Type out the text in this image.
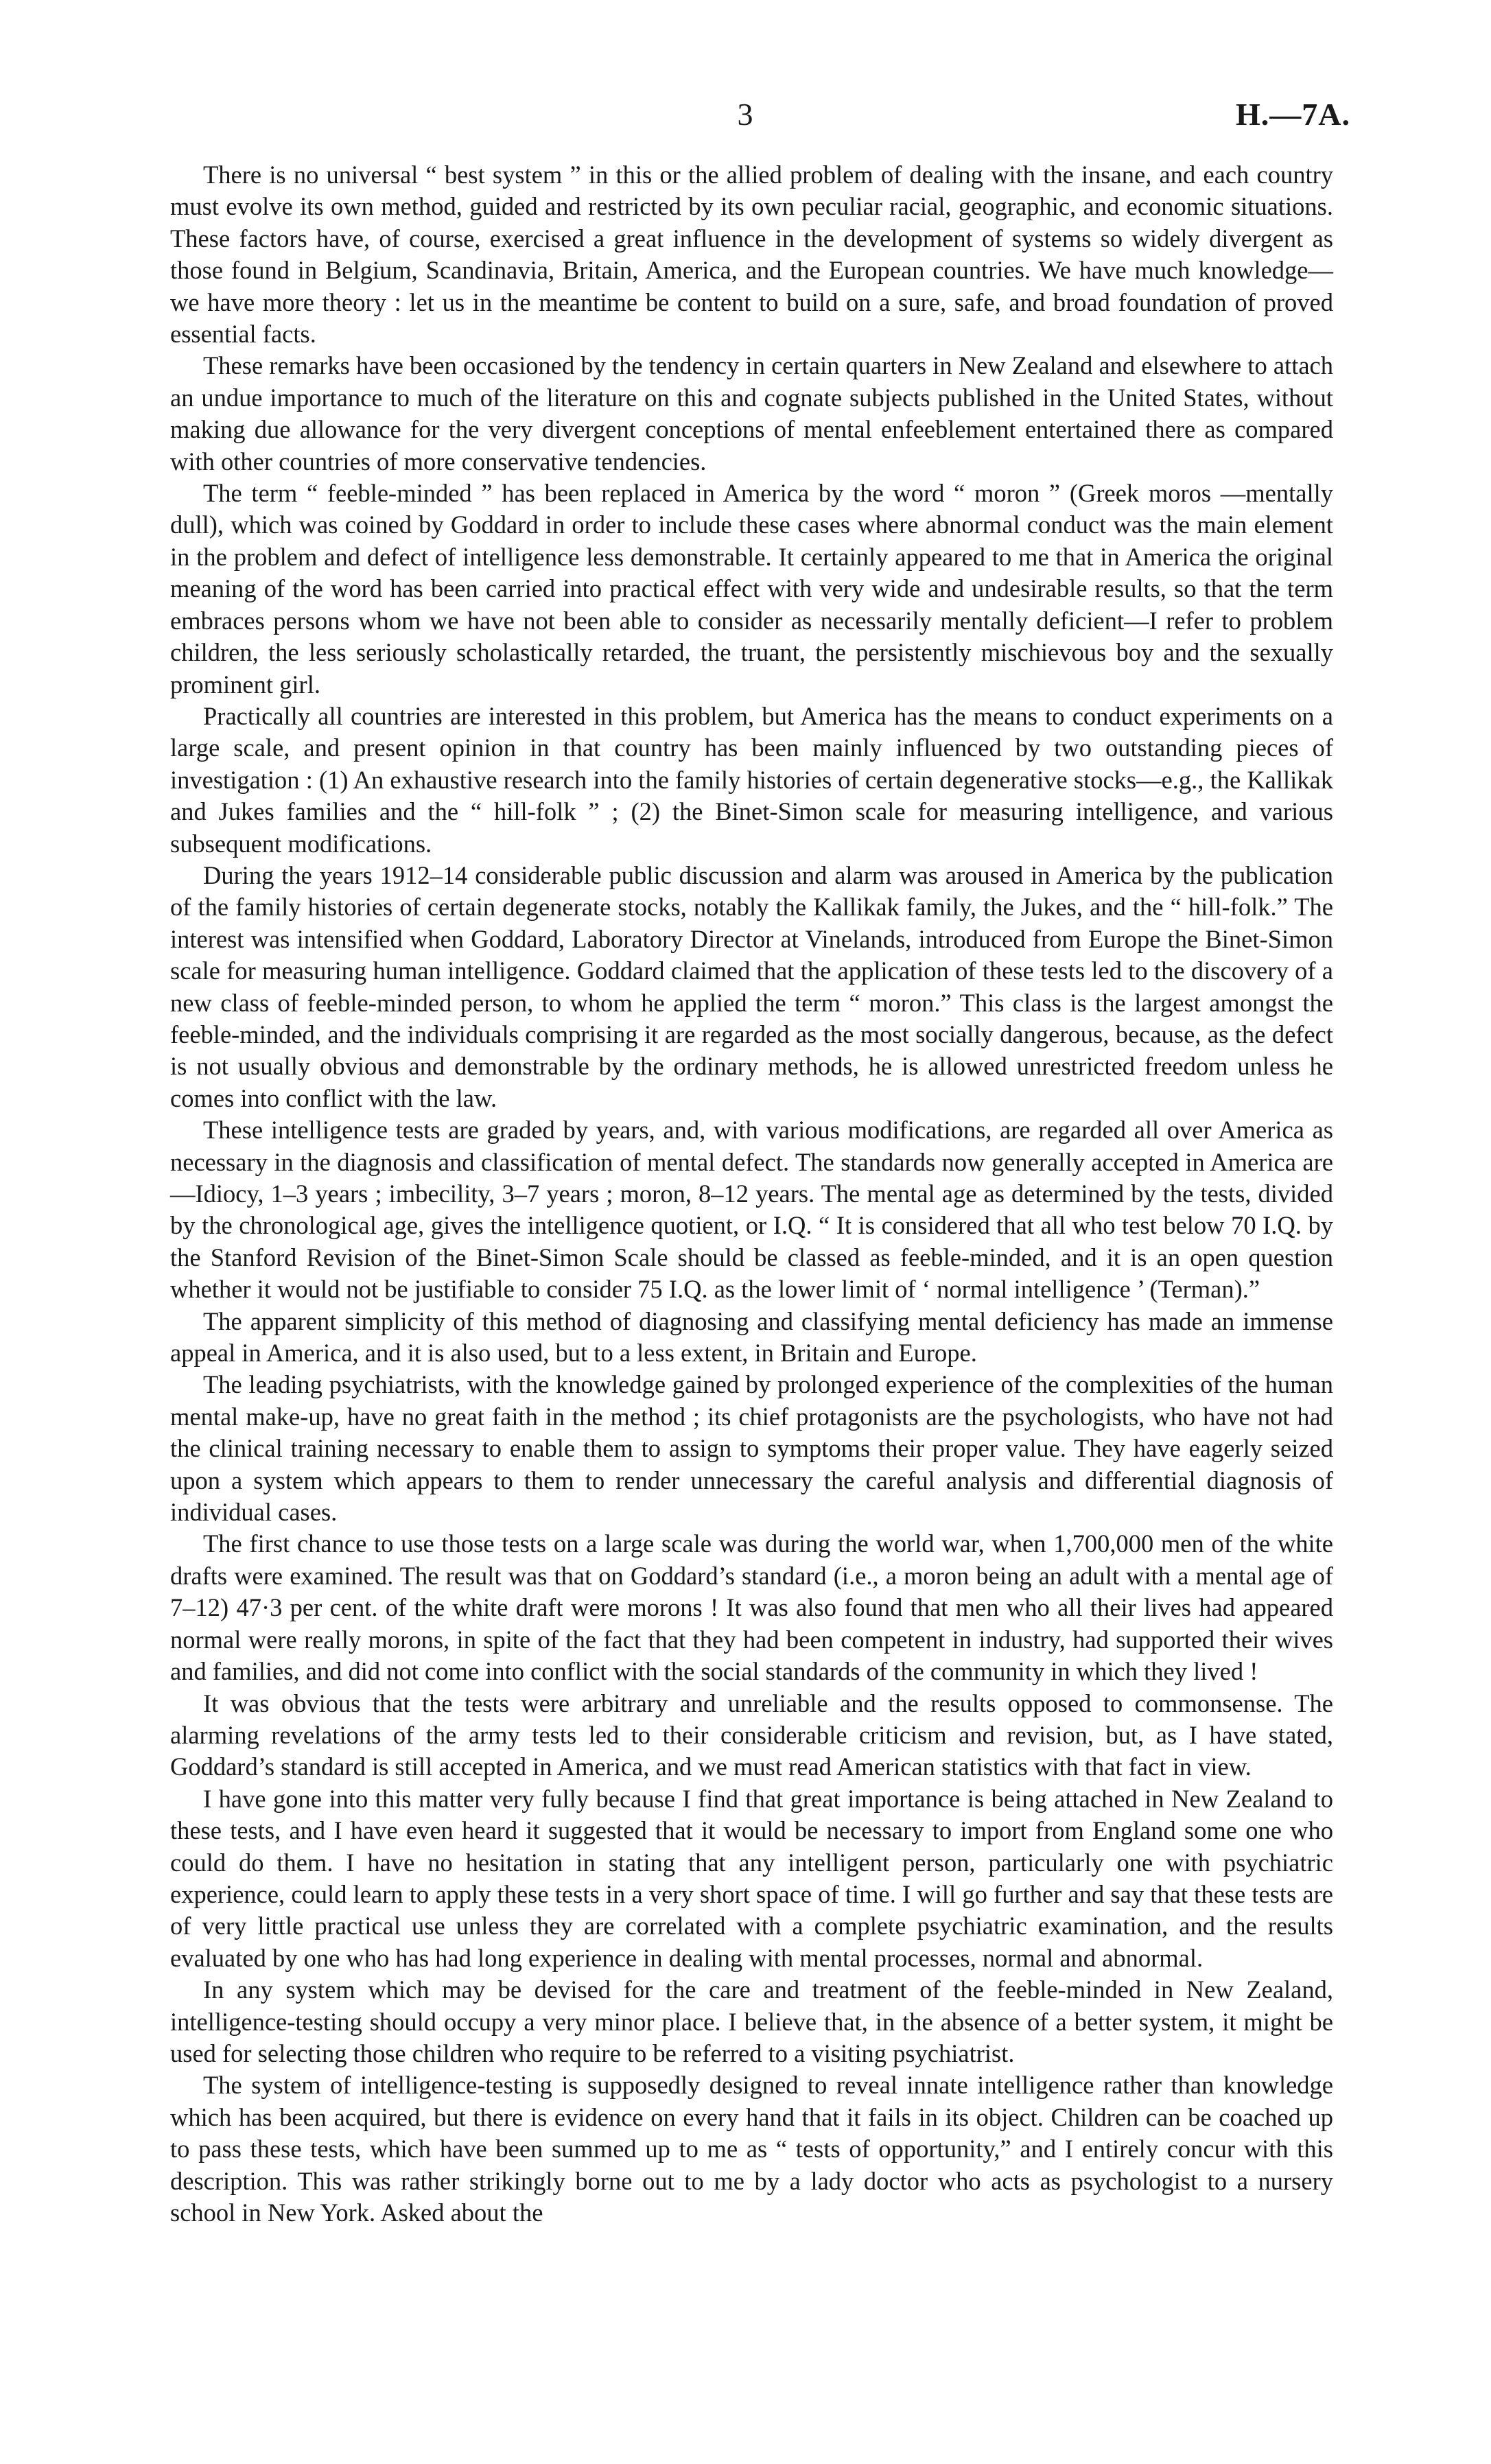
3	H.—7A.

There is no universal “ best system ” in this or the allied problem of dealing with the insane, and each country must evolve its own method, guided and restricted by its own peculiar racial, geographic, and economic situations. These factors have, of course, exercised a great influence in the development of systems so widely divergent as those found in Belgium, Scandinavia, Britain, America, and the European countries. We have much knowledge—we have more theory : let us in the meantime be content to build on a sure, safe, and broad foundation of proved essential facts.

These remarks have been occasioned by the tendency in certain quarters in New Zealand and elsewhere to attach an undue importance to much of the literature on this and cognate subjects published in the United States, without making due allowance for the very divergent conceptions of mental enfeeblement entertained there as compared with other countries of more conservative tendencies.

The term “ feeble-minded ” has been replaced in America by the word “ moron ” (Greek moros —mentally dull), which was coined by Goddard in order to include these cases where abnormal conduct was the main element in the problem and defect of intelligence less demonstrable. It certainly appeared to me that in America the original meaning of the word has been carried into practical effect with very wide and undesirable results, so that the term embraces persons whom we have not been able to consider as necessarily mentally deficient—I refer to problem children, the less seriously scholastically retarded, the truant, the persistently mischievous boy and the sexually prominent girl.

Practically all countries are interested in this problem, but America has the means to conduct experiments on a large scale, and present opinion in that country has been mainly influenced by two outstanding pieces of investigation : (1) An exhaustive research into the family histories of certain degenerative stocks—e.g., the Kallikak and Jukes families and the “ hill-folk ” ; (2) the Binet-Simon scale for measuring intelligence, and various subsequent modifications.

During the years 1912–14 considerable public discussion and alarm was aroused in America by the publication of the family histories of certain degenerate stocks, notably the Kallikak family, the Jukes, and the “ hill-folk.” The interest was intensified when Goddard, Laboratory Director at Vinelands, introduced from Europe the Binet-Simon scale for measuring human intelligence. Goddard claimed that the application of these tests led to the discovery of a new class of feeble-minded person, to whom he applied the term “ moron.” This class is the largest amongst the feeble-minded, and the individuals comprising it are regarded as the most socially dangerous, because, as the defect is not usually obvious and demonstrable by the ordinary methods, he is allowed unrestricted freedom unless he comes into conflict with the law.

These intelligence tests are graded by years, and, with various modifications, are regarded all over America as necessary in the diagnosis and classification of mental defect. The standards now generally accepted in America are—Idiocy, 1–3 years ; imbecility, 3–7 years ; moron, 8–12 years. The mental age as determined by the tests, divided by the chronological age, gives the intelligence quotient, or I.Q. “ It is considered that all who test below 70 I.Q. by the Stanford Revision of the Binet-Simon Scale should be classed as feeble-minded, and it is an open question whether it would not be justifiable to consider 75 I.Q. as the lower limit of ‘ normal intelligence ’ (Terman).”

The apparent simplicity of this method of diagnosing and classifying mental deficiency has made an immense appeal in America, and it is also used, but to a less extent, in Britain and Europe.

The leading psychiatrists, with the knowledge gained by prolonged experience of the complexities of the human mental make-up, have no great faith in the method ; its chief protagonists are the psychologists, who have not had the clinical training necessary to enable them to assign to symptoms their proper value. They have eagerly seized upon a system which appears to them to render unnecessary the careful analysis and differential diagnosis of individual cases.

The first chance to use those tests on a large scale was during the world war, when 1,700,000 men of the white drafts were examined. The result was that on Goddard’s standard (i.e., a moron being an adult with a mental age of 7–12) 47·3 per cent. of the white draft were morons ! It was also found that men who all their lives had appeared normal were really morons, in spite of the fact that they had been competent in industry, had supported their wives and families, and did not come into conflict with the social standards of the community in which they lived !

It was obvious that the tests were arbitrary and unreliable and the results opposed to commonsense. The alarming revelations of the army tests led to their considerable criticism and revision, but, as I have stated, Goddard’s standard is still accepted in America, and we must read American statistics with that fact in view.

I have gone into this matter very fully because I find that great importance is being attached in New Zealand to these tests, and I have even heard it suggested that it would be necessary to import from England some one who could do them. I have no hesitation in stating that any intelligent person, particularly one with psychiatric experience, could learn to apply these tests in a very short space of time. I will go further and say that these tests are of very little practical use unless they are correlated with a complete psychiatric examination, and the results evaluated by one who has had long experience in dealing with mental processes, normal and abnormal.

In any system which may be devised for the care and treatment of the feeble-minded in New Zealand, intelligence-testing should occupy a very minor place. I believe that, in the absence of a better system, it might be used for selecting those children who require to be referred to a visiting psychiatrist.

The system of intelligence-testing is supposedly designed to reveal innate intelligence rather than knowledge which has been acquired, but there is evidence on every hand that it fails in its object. Children can be coached up to pass these tests, which have been summed up to me as “ tests of opportunity,” and I entirely concur with this description. This was rather strikingly borne out to me by a lady doctor who acts as psychologist to a nursery school in New York. Asked about the
